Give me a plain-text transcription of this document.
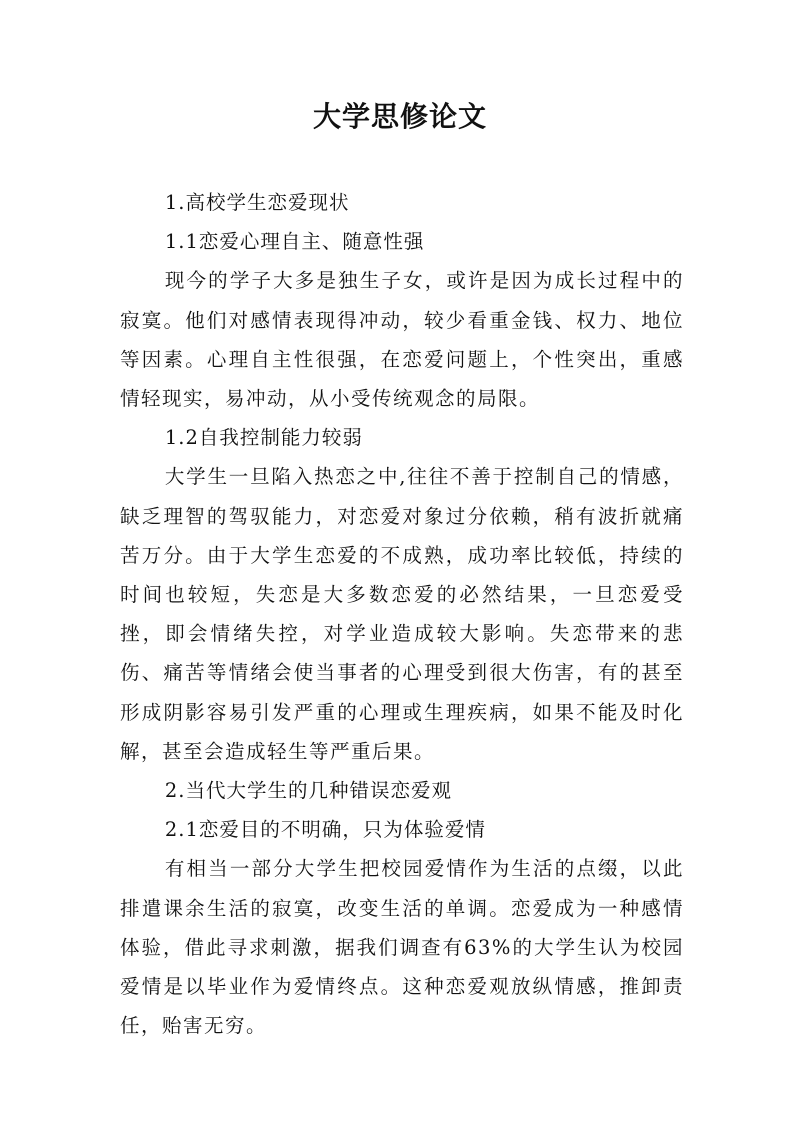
大学思修论文

1.高校学生恋爱现状

1.1恋爱心理自主、随意性强

现今的学子大多是独生子女，或许是因为成长过程中的寂寞。他们对感情表现得冲动，较少看重金钱、权力、地位等因素。心理自主性很强，在恋爱问题上，个性突出，重感情轻现实，易冲动，从小受传统观念的局限。

1.2自我控制能力较弱

大学生一旦陷入热恋之中,往往不善于控制自己的情感，缺乏理智的驾驭能力，对恋爱对象过分依赖，稍有波折就痛苦万分。由于大学生恋爱的不成熟，成功率比较低，持续的时间也较短，失恋是大多数恋爱的必然结果，一旦恋爱受挫，即会情绪失控，对学业造成较大影响。失恋带来的悲伤、痛苦等情绪会使当事者的心理受到很大伤害，有的甚至形成阴影容易引发严重的心理或生理疾病，如果不能及时化解，甚至会造成轻生等严重后果。

2.当代大学生的几种错误恋爱观

2.1恋爱目的不明确，只为体验爱情

有相当一部分大学生把校园爱情作为生活的点缀，以此排遣课余生活的寂寞，改变生活的单调。恋爱成为一种感情体验，借此寻求刺激，据我们调查有63%的大学生认为校园爱情是以毕业作为爱情终点。这种恋爱观放纵情感，推卸责任，贻害无穷。
